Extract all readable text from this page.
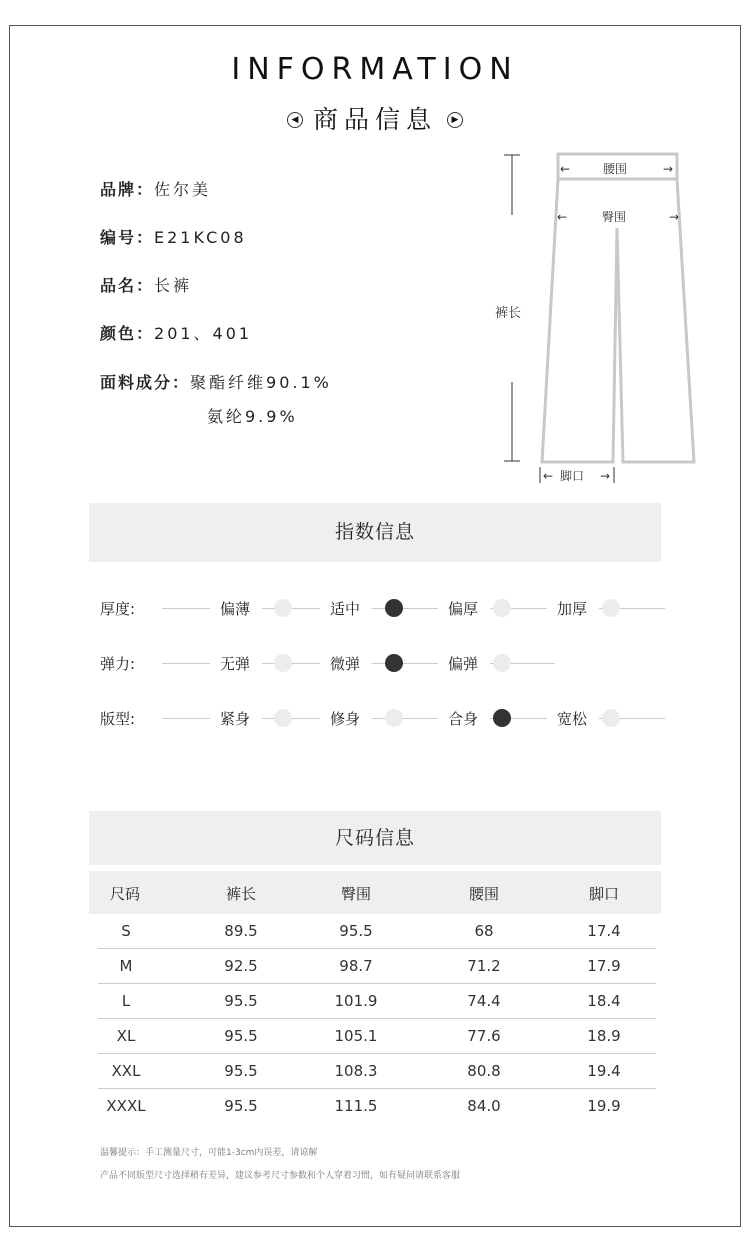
INFORMATION
◀ 商品信息 ▶
品牌：佐尔美
编号：E21KC08
品名：长裤
颜色：201、401
面料成分：聚酯纤维90.1%
氨纶9.9%
裤长
←	腰围	→
←	臀围	→
← 脚口 →
指数信息
厚度:	偏薄	适中	偏厚	加厚
弹力:	无弹	微弹	偏弹
版型:	紧身	修身	合身	宽松
尺码信息
尺码	裤长	臀围	腰围	脚口
S	89.5	95.5	68	17.4
M	92.5	98.7	71.2	17.9
L	95.5	101.9	74.4	18.4
XL	95.5	105.1	77.6	18.9
XXL	95.5	108.3	80.8	19.4
XXXL	95.5	111.5	84.0	19.9
温馨提示：手工测量尺寸，可能1-3cm内误差，请谅解
产品不同版型尺寸选择稍有差异，建议参考尺寸参数和个人穿着习惯，如有疑问请联系客服
